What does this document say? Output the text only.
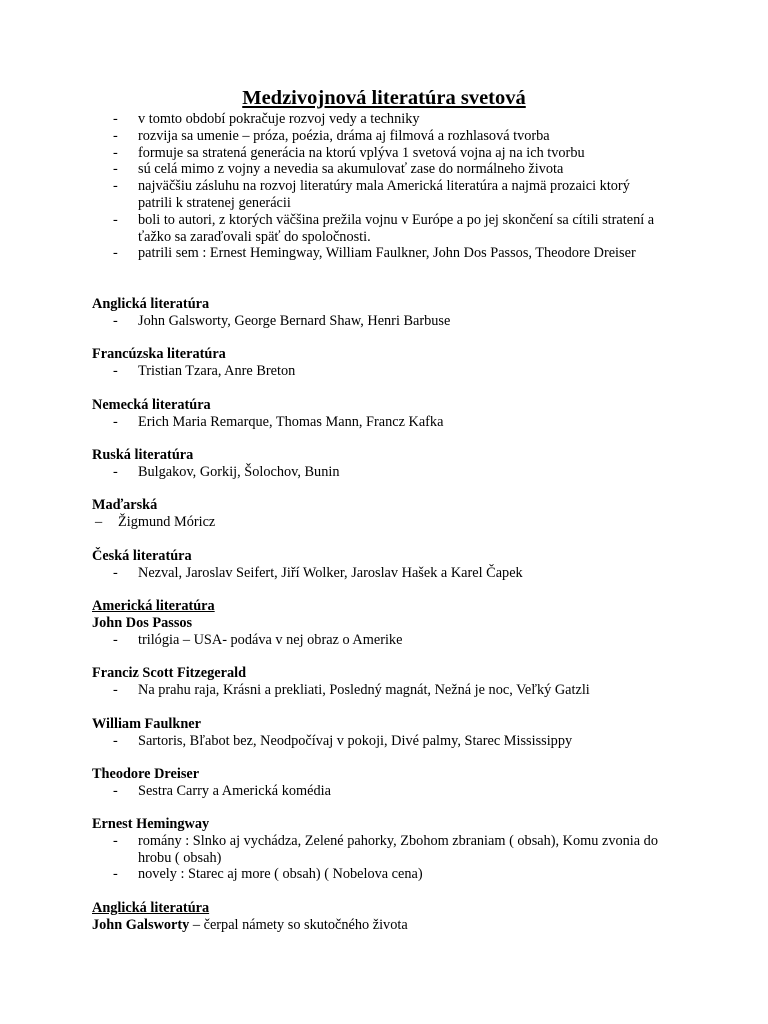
Medzivojnová literatúra svetová
- v tomto období pokračuje rozvoj vedy a techniky
- rozvija sa umenie – próza, poézia, dráma aj filmová a rozhlasová tvorba
- formuje sa stratená generácia na ktorú vplýva 1 svetová vojna aj na ich tvorbu
- sú celá mimo z vojny a nevedia sa akumulovať zase do normálneho života
- najväčšiu zásluhu na rozvoj literatúry mala Americká literatúra a najmä prozaici ktorý patrili k stratenej generácii
- boli to autori, z ktorých väčšina prežila vojnu v Európe a po jej skončení sa cítili stratení a ťažko sa zaraďovali späť do spoločnosti.
- patrili sem : Ernest Hemingway, William Faulkner, John Dos Passos, Theodore Dreiser
Anglická literatúra
- John Galsworty, George Bernard Shaw, Henri Barbuse
Francúzska literatúra
- Tristian Tzara, Anre Breton
Nemecká literatúra
- Erich Maria Remarque, Thomas Mann, Francz Kafka
Ruská literatúra
- Bulgakov, Gorkij, Šolochov, Bunin
Maďarská
– Žigmund Móricz
Česká literatúra
- Nezval, Jaroslav Seifert, Jiří Wolker, Jaroslav Hašek a Karel Čapek
Americká literatúra
John Dos Passos
- trilógia – USA- podáva v nej obraz o Amerike
Franciz Scott Fitzegerald
- Na prahu raja, Krásni a prekliati, Posledný magnát, Nežná je noc, Veľký Gatzli
William Faulkner
- Sartoris, Bľabot bez, Neodpočívaj v pokoji, Divé palmy, Starec Mississippy
Theodore Dreiser
- Sestra Carry a Americká komédia
Ernest Hemingway
- romány : Slnko aj vychádza, Zelené pahorky, Zbohom zbraniam ( obsah), Komu zvonia do hrobu ( obsah)
- novely : Starec aj more ( obsah) ( Nobelova cena)
Anglická literatúra
John Galsworty – čerpal námety so skutočného života
